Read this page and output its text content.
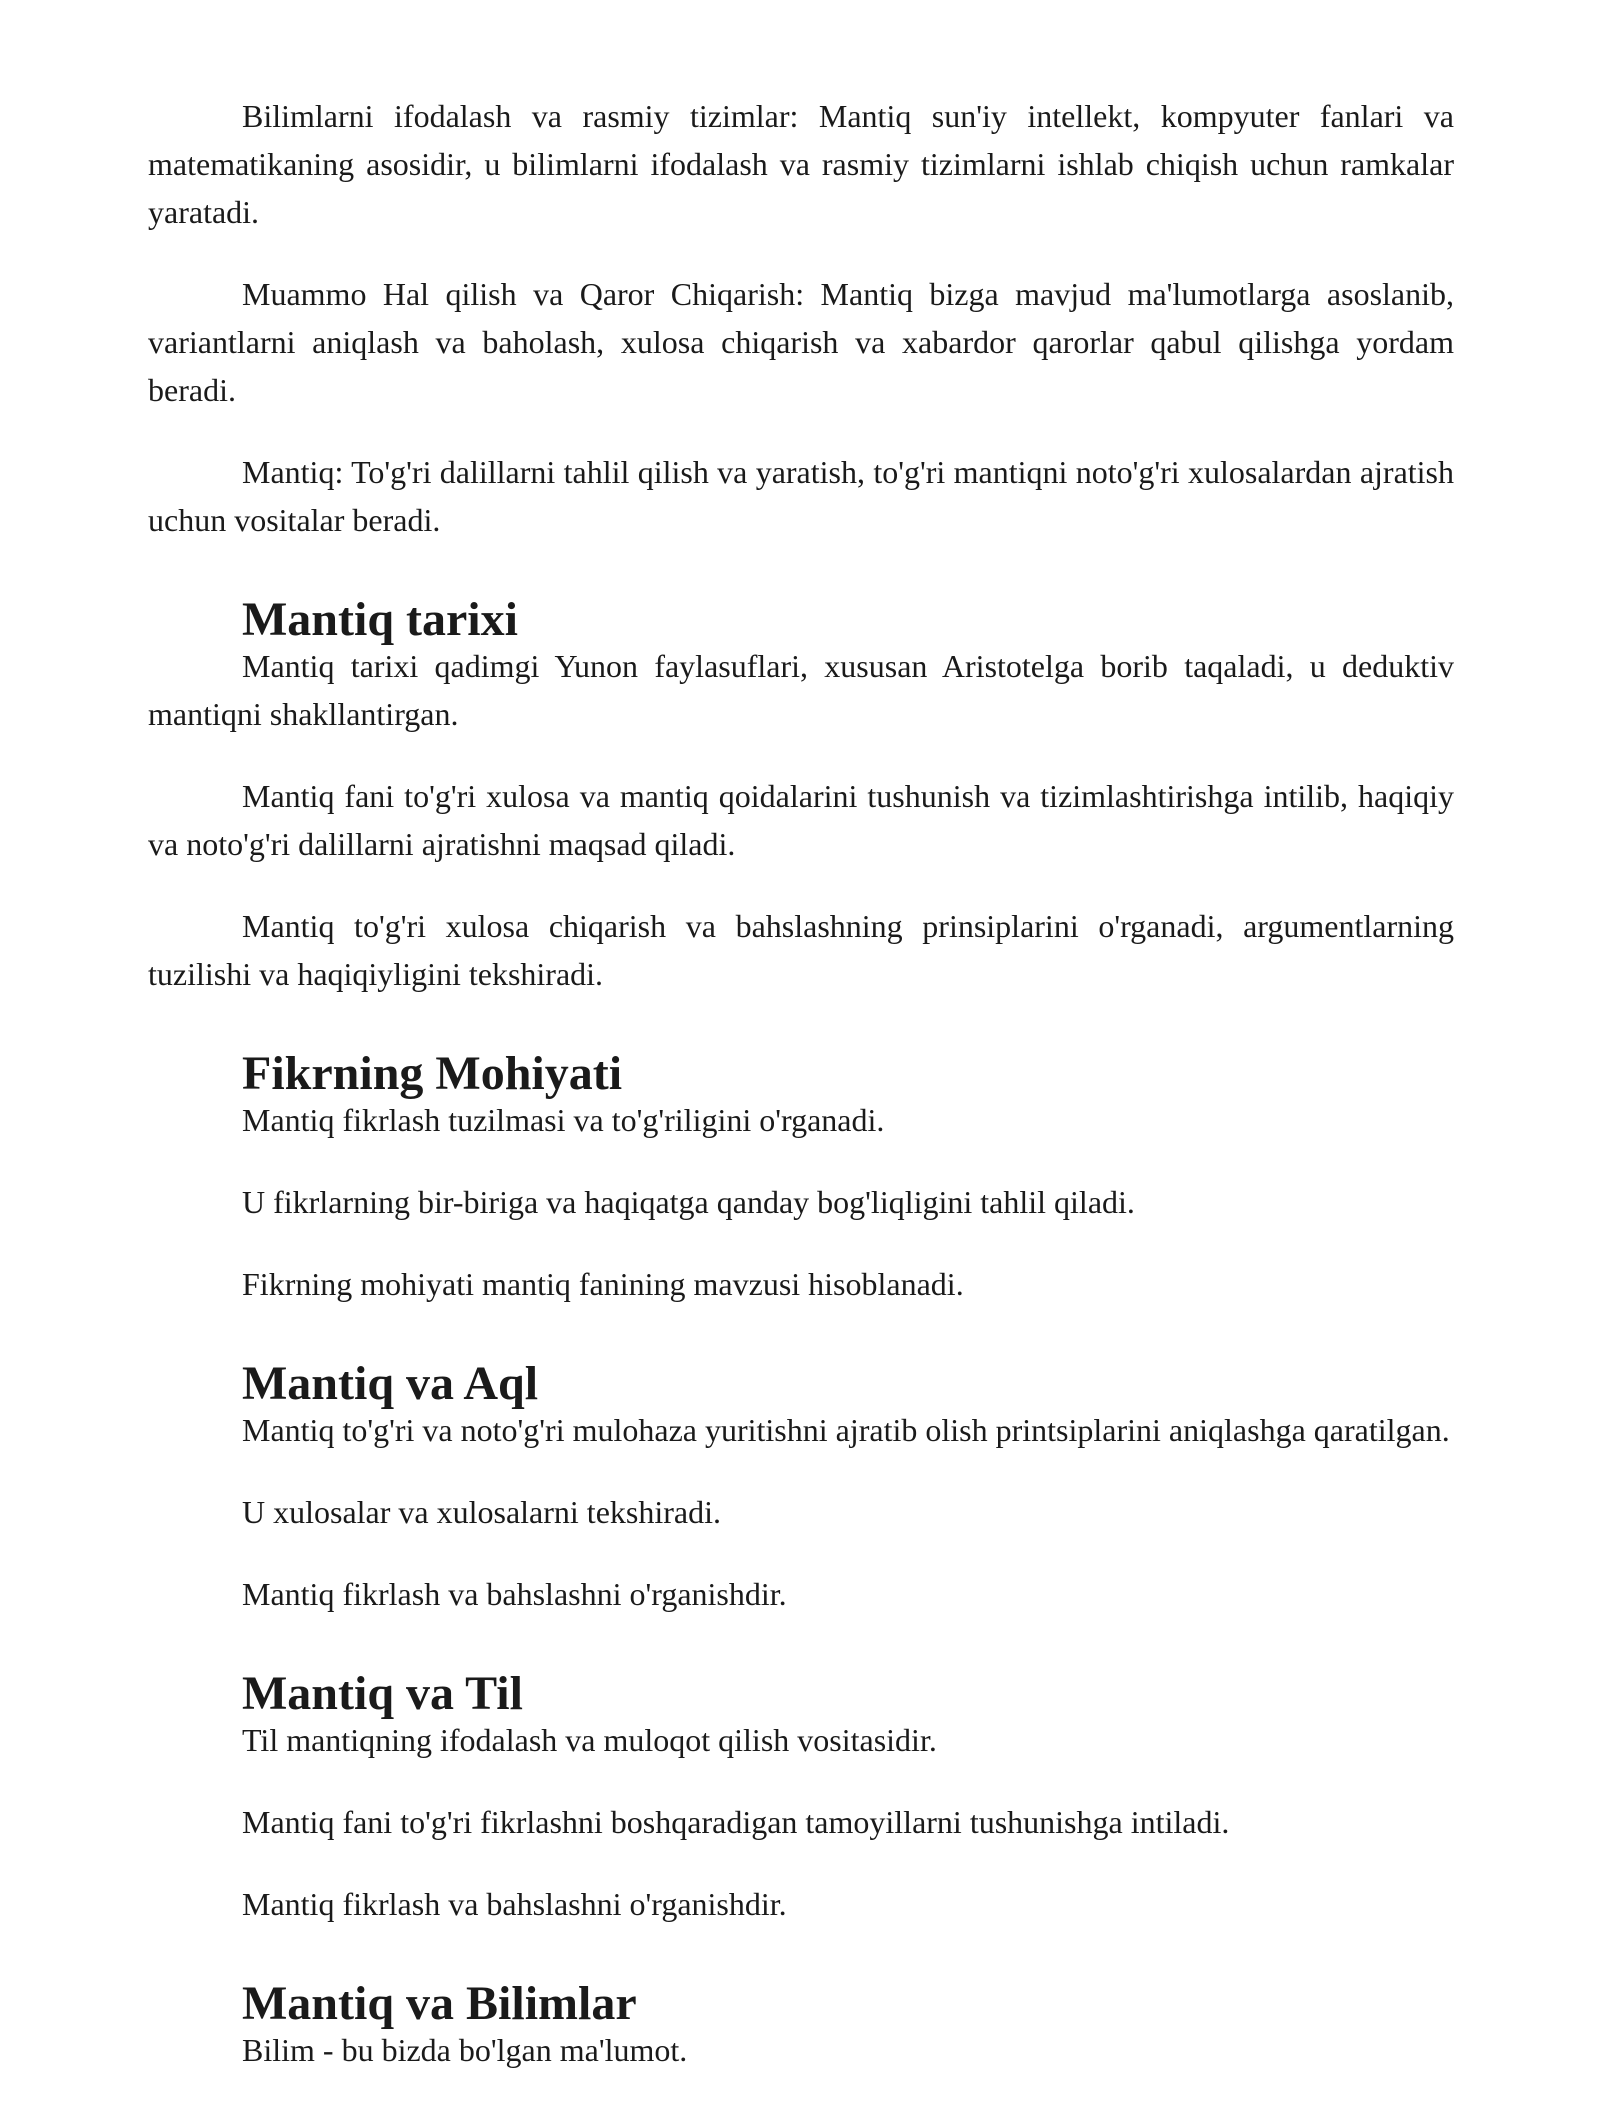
Bilimlarni ifodalash va rasmiy tizimlar: Mantiq sun'iy intellekt, kompyuter fanlari va matematikaning asosidir, u bilimlarni ifodalash va rasmiy tizimlarni ishlab chiqish uchun ramkalar yaratadi.

Muammo Hal qilish va Qaror Chiqarish: Mantiq bizga mavjud ma'lumotlarga asoslanib, variantlarni aniqlash va baholash, xulosa chiqarish va xabardor qarorlar qabul qilishga yordam beradi.

Mantiq: To'g'ri dalillarni tahlil qilish va yaratish, to'g'ri mantiqni noto'g'ri xulosalardan ajratish uchun vositalar beradi.

Mantiq tarixi

Mantiq tarixi qadimgi Yunon faylasuflari, xususan Aristotelga borib taqaladi, u deduktiv mantiqni shakllantirgan.

Mantiq fani to'g'ri xulosa va mantiq qoidalarini tushunish va tizimlashtirishga intilib, haqiqiy va noto'g'ri dalillarni ajratishni maqsad qiladi.

Mantiq to'g'ri xulosa chiqarish va bahslashning prinsiplarini o'rganadi, argumentlarning tuzilishi va haqiqiyligini tekshiradi.

Fikrning Mohiyati

Mantiq fikrlash tuzilmasi va to'g'riligini o'rganadi.

U fikrlarning bir-biriga va haqiqatga qanday bog'liqligini tahlil qiladi.

Fikrning mohiyati mantiq fanining mavzusi hisoblanadi.

Mantiq va Aql

Mantiq to'g'ri va noto'g'ri mulohaza yuritishni ajratib olish printsiplarini aniqlashga qaratilgan.

U xulosalar va xulosalarni tekshiradi.

Mantiq fikrlash va bahslashni o'rganishdir.

Mantiq va Til

Til mantiqning ifodalash va muloqot qilish vositasidir.

Mantiq fani to'g'ri fikrlashni boshqaradigan tamoyillarni tushunishga intiladi.

Mantiq fikrlash va bahslashni o'rganishdir.

Mantiq va Bilimlar

Bilim - bu bizda bo'lgan ma'lumot.
